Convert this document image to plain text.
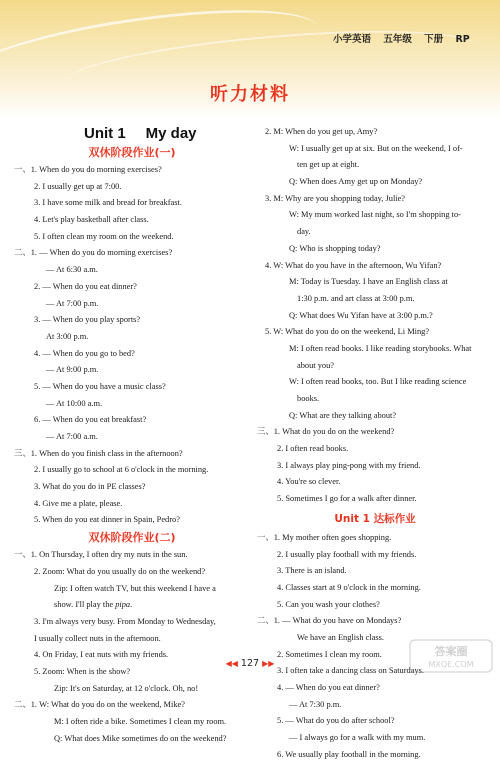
小学英语 五年级 下册 RP
听力材料
Unit 1 My day
双休阶段作业(一)
一、1. When do you do morning exercises?
2. I usually get up at 7:00.
3. I have some milk and bread for breakfast.
4. Let's play basketball after class.
5. I often clean my room on the weekend.
二、1. — When do you do morning exercises?
— At 6:30 a.m.
2. — When do you eat dinner?
— At 7:00 p.m.
3. — When do you play sports?
At 3:00 p.m.
4. — When do you go to bed?
— At 9:00 p.m.
5. — When do you have a music class?
— At 10:00 a.m.
6. — When do you eat breakfast?
— At 7:00 a.m.
三、1. When do you finish class in the afternoon?
2. I usually go to school at 6 o'clock in the morning.
3. What do you do in PE classes?
4. Give me a plate, please.
5. When do you eat dinner in Spain, Pedro?
双休阶段作业(二)
一、1. On Thursday, I often dry my nuts in the sun.
2. Zoom: What do you usually do on the weekend?
Zip: I often watch TV, but this weekend I have a
show. I'll play the pipa.
3. I'm always very busy. From Monday to Wednesday,
I usually collect nuts in the afternoon.
4. On Friday, I eat nuts with my friends.
5. Zoom: When is the show?
Zip: It's on Saturday, at 12 o'clock. Oh, no!
二、1. W: What do you do on the weekend, Mike?
M: I often ride a bike. Sometimes I clean my room.
Q: What does Mike sometimes do on the weekend?
2. M: When do you get up, Amy?
W: I usually get up at six. But on the weekend, I of-
ten get up at eight.
Q: When does Amy get up on Monday?
3. M: Why are you shopping today, Julie?
W: My mum worked last night, so I'm shopping to-
day.
Q: Who is shopping today?
4. W: What do you have in the afternoon, Wu Yifan?
M: Today is Tuesday. I have an English class at
1:30 p.m. and art class at 3:00 p.m.
Q: What does Wu Yifan have at 3:00 p.m.?
5. W: What do you do on the weekend, Li Ming?
M: I often read books. I like reading storybooks. What
about you?
W: I often read books, too. But I like reading science
books.
Q: What are they talking about?
三、1. What do you do on the weekend?
2. I often read books.
3. I always play ping-pong with my friend.
4. You're so clever.
5. Sometimes I go for a walk after dinner.
Unit 1 达标作业
一、1. My mother often goes shopping.
2. I usually play football with my friends.
3. There is an island.
4. Classes start at 9 o'clock in the morning.
5. Can you wash your clothes?
二、1. — What do you have on Mondays?
We have an English class.
2. Sometimes I clean my room.
3. I often take a dancing class on Saturdays.
4. — When do you eat dinner?
— At 7:30 p.m.
5. — What do you do after school?
— I always go for a walk with my mum.
6. We usually play football in the morning.
◀◀ 127 ▶▶
答案圈
MXQE.COM
